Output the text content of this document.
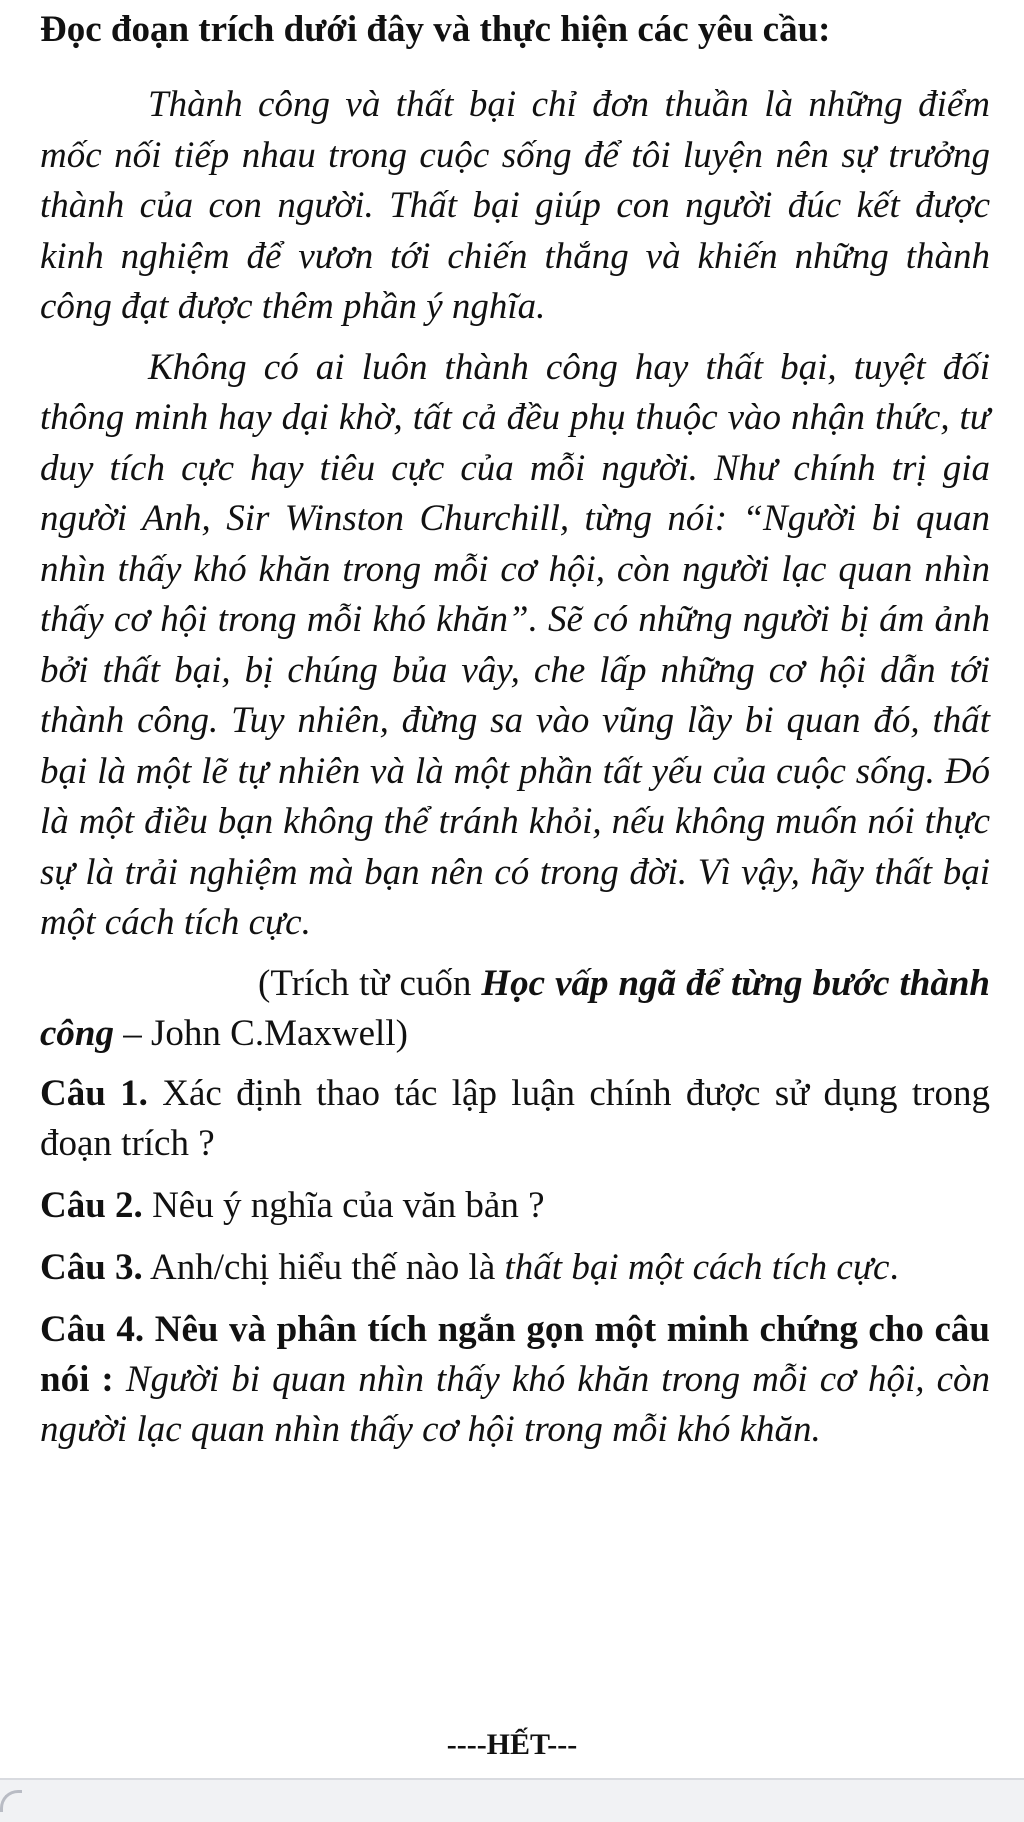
Đọc đoạn trích dưới đây và thực hiện các yêu cầu:

Thành công và thất bại chỉ đơn thuần là những điểm mốc nối tiếp nhau trong cuộc sống để tôi luyện nên sự trưởng thành của con người. Thất bại giúp con người đúc kết được kinh nghiệm để vươn tới chiến thắng và khiến những thành công đạt được thêm phần ý nghĩa.

Không có ai luôn thành công hay thất bại, tuyệt đối thông minh hay dại khờ, tất cả đều phụ thuộc vào nhận thức, tư duy tích cực hay tiêu cực của mỗi người. Như chính trị gia người Anh, Sir Winston Churchill, từng nói: “Người bi quan nhìn thấy khó khăn trong mỗi cơ hội, còn người lạc quan nhìn thấy cơ hội trong mỗi khó khăn”. Sẽ có những người bị ám ảnh bởi thất bại, bị chúng bủa vây, che lấp những cơ hội dẫn tới thành công. Tuy nhiên, đừng sa vào vũng lầy bi quan đó, thất bại là một lẽ tự nhiên và là một phần tất yếu của cuộc sống. Đó là một điều bạn không thể tránh khỏi, nếu không muốn nói thực sự là trải nghiệm mà bạn nên có trong đời. Vì vậy, hãy thất bại một cách tích cực.

(Trích từ cuốn Học vấp ngã để từng bước thành công – John C.Maxwell)

Câu 1. Xác định thao tác lập luận chính được sử dụng trong đoạn trích ?

Câu 2. Nêu ý nghĩa của văn bản ?

Câu 3. Anh/chị hiểu thế nào là thất bại một cách tích cực.

Câu 4. Nêu và phân tích ngắn gọn một minh chứng cho câu nói : Người bi quan nhìn thấy khó khăn trong mỗi cơ hội, còn người lạc quan nhìn thấy cơ hội trong mỗi khó khăn.

----HẾT---
